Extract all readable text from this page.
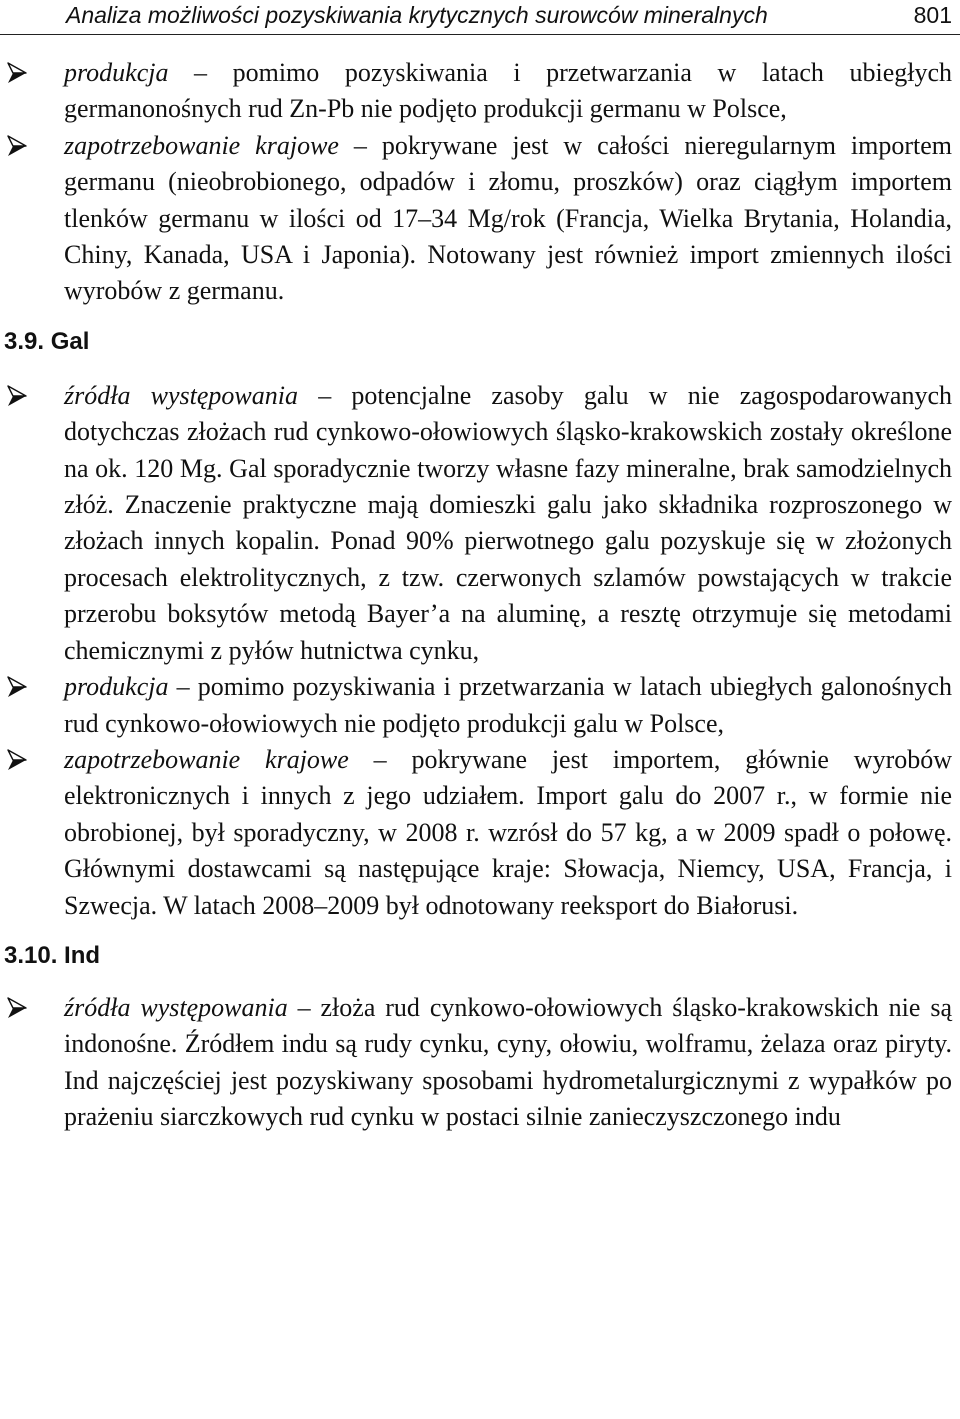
Analiza możliwości pozyskiwania krytycznych surowców mineralnych	801
produkcja – pomimo pozyskiwania i przetwarzania w latach ubiegłych germanonośnych rud Zn-Pb nie podjęto produkcji germanu w Polsce,
zapotrzebowanie krajowe – pokrywane jest w całości nieregularnym importem germanu (nieobrobionego, odpadów i złomu, proszków) oraz ciągłym importem tlenków germanu w ilości od 17–34 Mg/rok (Francja, Wielka Brytania, Holandia, Chiny, Kanada, USA i Japonia). Notowany jest również import zmiennych ilości wyrobów z germanu.
3.9. Gal
źródła występowania – potencjalne zasoby galu w nie zagospodarowanych dotychczas złożach rud cynkowo-ołowiowych śląsko-krakowskich zostały określone na ok. 120 Mg. Gal sporadycznie tworzy własne fazy mineralne, brak samodzielnych złóż. Znaczenie praktyczne mają domieszki galu jako składnika rozproszonego w złożach innych kopalin. Ponad 90% pierwotnego galu pozyskuje się w złożonych procesach elektrolitycznych, z tzw. czerwonych szlamów powstających w trakcie przerobu boksytów metodą Bayer’a na aluminę, a resztę otrzymuje się metodami chemicznymi z pyłów hutnictwa cynku,
produkcja – pomimo pozyskiwania i przetwarzania w latach ubiegłych galonośnych rud cynkowo-ołowiowych nie podjęto produkcji galu w Polsce,
zapotrzebowanie krajowe – pokrywane jest importem, głównie wyrobów elektronicznych i innych z jego udziałem. Import galu do 2007 r., w formie nie obrobionej, był sporadyczny, w 2008 r. wzrósł do 57 kg, a w 2009 spadł o połowę. Głównymi dostawcami są następujące kraje: Słowacja, Niemcy, USA, Francja, i Szwecja. W latach 2008–2009 był odnotowany reeksport do Białorusi.
3.10. Ind
źródła występowania – złoża rud cynkowo-ołowiowych śląsko-krakowskich nie są indonośne. Źródłem indu są rudy cynku, cyny, ołowiu, wolframu, żelaza oraz piryty. Ind najczęściej jest pozyskiwany sposobami hydrometalurgicznymi z wypałków po prażeniu siarczkowych rud cynku w postaci silnie zanieczyszczonego indu
